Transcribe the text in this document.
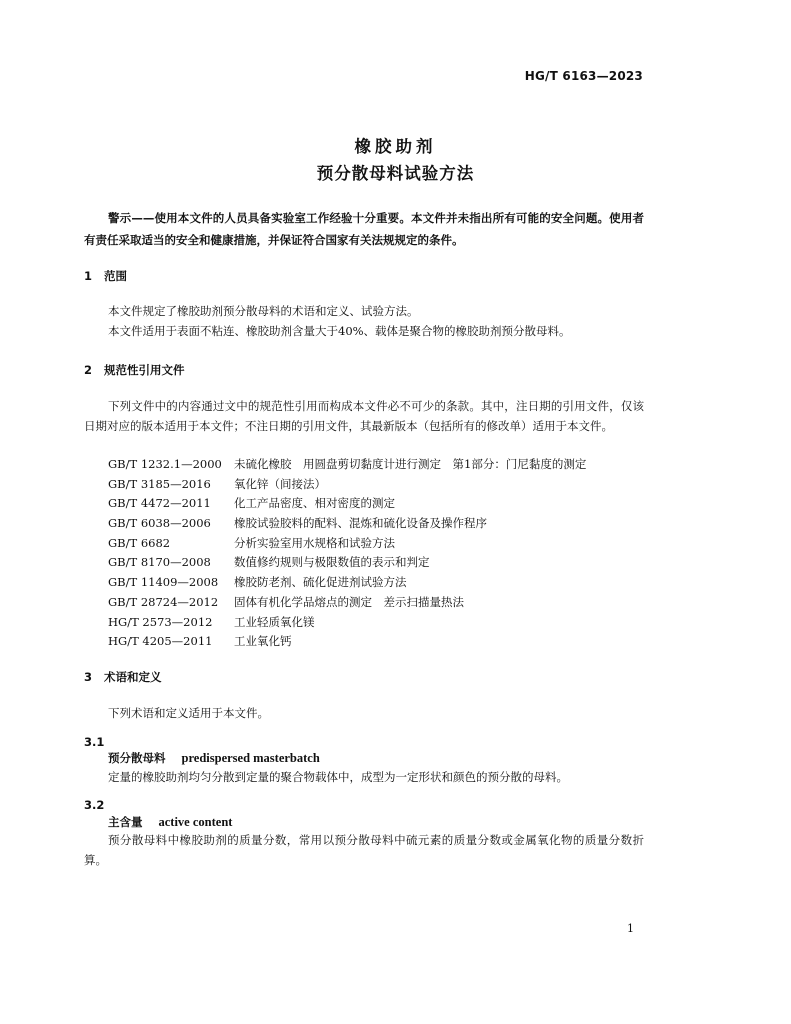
HG/T 6163—2023
橡胶助剂
预分散母料试验方法
警示——使用本文件的人员具备实验室工作经验十分重要。本文件并未指出所有可能的安全问题。使用者有责任采取适当的安全和健康措施，并保证符合国家有关法规规定的条件。
1 范围
本文件规定了橡胶助剂预分散母料的术语和定义、试验方法。
本文件适用于表面不粘连、橡胶助剂含量大于40%、载体是聚合物的橡胶助剂预分散母料。
2 规范性引用文件
下列文件中的内容通过文中的规范性引用而构成本文件必不可少的条款。其中，注日期的引用文件，仅该日期对应的版本适用于本文件；不注日期的引用文件，其最新版本（包括所有的修改单）适用于本文件。
GB/T 1232.1—2000 未硫化橡胶　用圆盘剪切黏度计进行测定　第1部分：门尼黏度的测定
GB/T 3185—2016 氧化锌（间接法）
GB/T 4472—2011 化工产品密度、相对密度的测定
GB/T 6038—2006 橡胶试验胶料的配料、混炼和硫化设备及操作程序
GB/T 6682	分析实验室用水规格和试验方法
GB/T 8170—2008 数值修约规则与极限数值的表示和判定
GB/T 11409—2008 橡胶防老剂、硫化促进剂试验方法
GB/T 28724—2012 固体有机化学品熔点的测定　差示扫描量热法
HG/T 2573—2012 工业轻质氧化镁
HG/T 4205—2011 工业氧化钙
3 术语和定义
下列术语和定义适用于本文件。
3.1
预分散母料 predispersed masterbatch
定量的橡胶助剂均匀分散到定量的聚合物载体中，成型为一定形状和颜色的预分散的母料。
3.2
主含量 active content
预分散母料中橡胶助剂的质量分数，常用以预分散母料中硫元素的质量分数或金属氧化物的质量分数折算。
1
